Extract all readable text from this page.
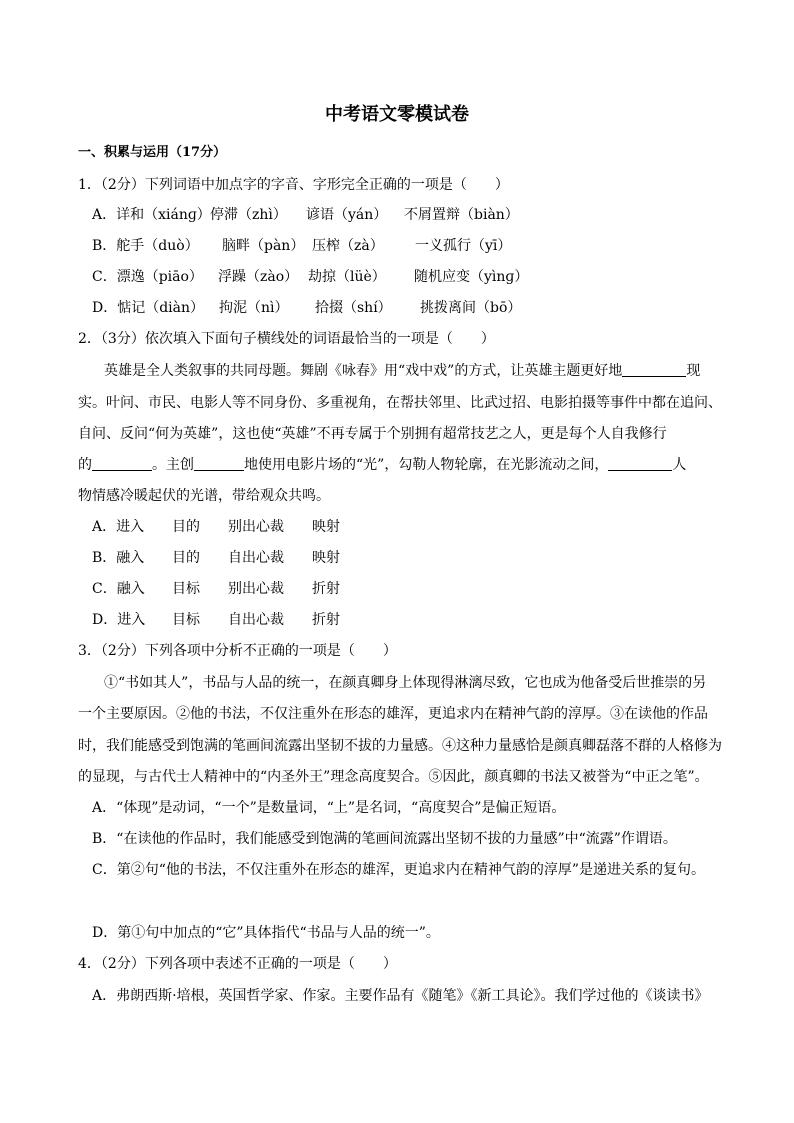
中考语文零模试卷
一、积累与运用（17分）
1．（2分）下列词语中加点字的字音、字形完全正确的一项是（　　）
A．详和（xiánɡ）停滞（zhì） 谚语（yán） 不屑置辩（biàn）
B．舵手（duò） 脑畔（pàn） 压榨（zà） 一义孤行（yī）
C．漂逸（piāo） 浮躁（zào） 劫掠（lüè） 随机应变（yìnɡ）
D．惦记（diàn） 拘泥（nì） 拾掇（shí） 挑拨离间（bō）
2．（3分）依次填入下面句子横线处的词语最恰当的一项是（　　）
英雄是全人类叙事的共同母题。舞剧《咏春》用“戏中戏”的方式，让英雄主题更好地	现
实。叶问、市民、电影人等不同身份、多重视角，在帮扶邻里、比武过招、电影拍摄等事件中都在追问、
自问、反问“何为英雄”，这也使“英雄”不再专属于个别拥有超常技艺之人，更是每个人自我修行
的	。主创	地使用电影片场的“光”，勾勒人物轮廓，在光影流动之间，	人
物情感冷暖起伏的光谱，带给观众共鸣。
A．进入 目的 别出心裁 映射
B．融入 目的 自出心裁 映射
C．融入 目标 别出心裁 折射
D．进入 目标 自出心裁 折射
3．（2分）下列各项中分析不正确的一项是（　　）
①“书如其人”，书品与人品的统一，在颜真卿身上体现得淋漓尽致，它也成为他备受后世推崇的另
一个主要原因。②他的书法，不仅注重外在形态的雄浑，更追求内在精神气韵的淳厚。③在读他的作品
时，我们能感受到饱满的笔画间流露出坚韧不拔的力量感。④这种力量感恰是颜真卿磊落不群的人格修为
的显现，与古代士人精神中的“内圣外王”理念高度契合。⑤因此，颜真卿的书法又被誉为“中正之笔”。
A．“体现”是动词，“一个”是数量词，“上”是名词，“高度契合”是偏正短语。
B．“在读他的作品时，我们能感受到饱满的笔画间流露出坚韧不拔的力量感”中“流露”作谓语。
C．第②句“他的书法，不仅注重外在形态的雄浑，更追求内在精神气韵的淳厚”是递进关系的复句。
D．第①句中加点的“它”具体指代“书品与人品的统一”。
4．（2分）下列各项中表述不正确的一项是（　　）
A．弗朗西斯·培根，英国哲学家、作家。主要作品有《随笔》《新工具论》。我们学过他的《谈读书》
